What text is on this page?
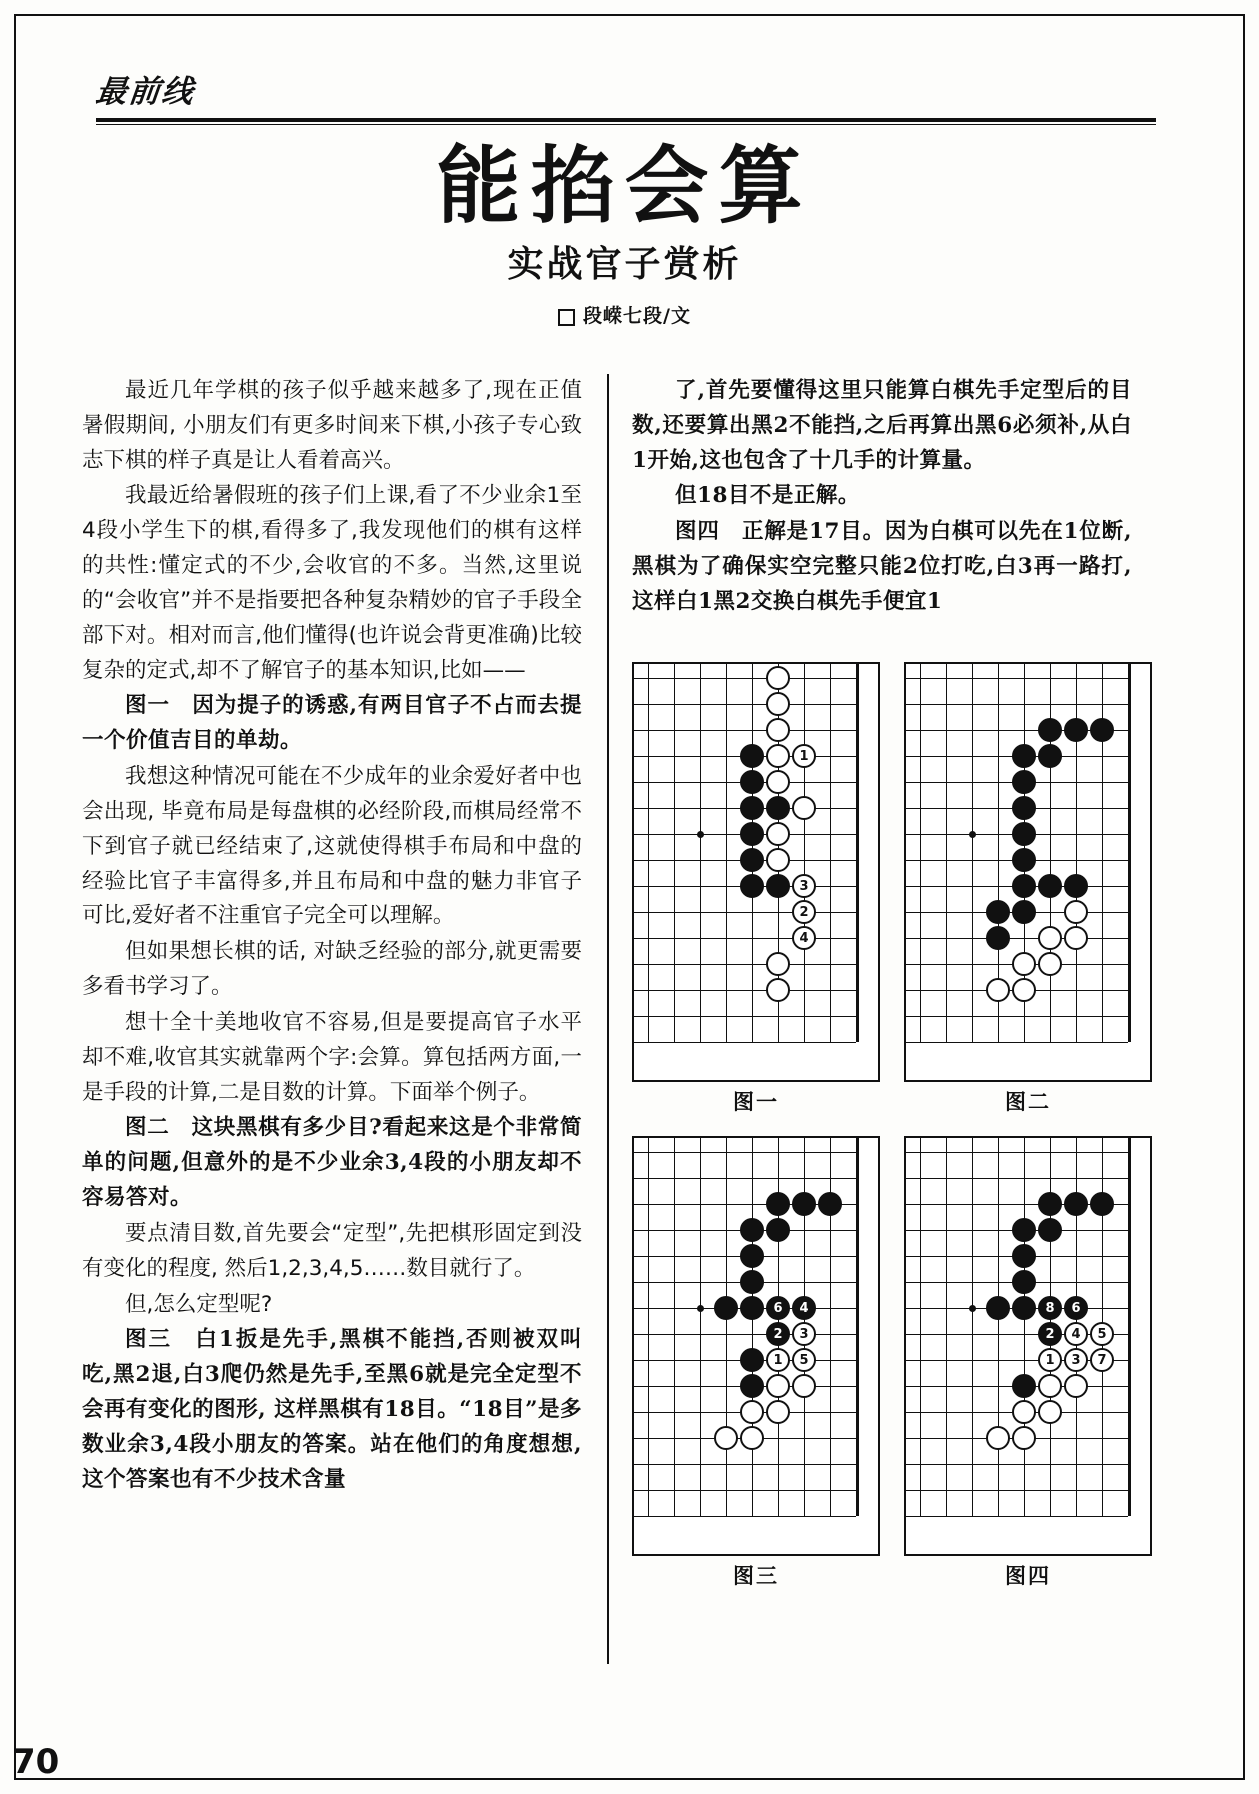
最前线
能掐会算
实战官子赏析
段嵘七段/文

最近几年学棋的孩子似乎越来越多了,现在正值暑假期间, 小朋友们有更多时间来下棋,小孩子专心致志下棋的样子真是让人看着高兴。

我最近给暑假班的孩子们上课,看了不少业余1至4段小学生下的棋,看得多了,我发现他们的棋有这样的共性:懂定式的不少,会收官的不多。当然,这里说的“会收官”并不是指要把各种复杂精妙的官子手段全部下对。相对而言,他们懂得(也许说会背更准确)比较复杂的定式,却不了解官子的基本知识,比如——

图一　因为提子的诱惑,有两目官子不占而去提一个价值吉目的单劫。

我想这种情况可能在不少成年的业余爱好者中也会出现, 毕竟布局是每盘棋的必经阶段,而棋局经常不下到官子就已经结束了,这就使得棋手布局和中盘的经验比官子丰富得多,并且布局和中盘的魅力非官子可比,爱好者不注重官子完全可以理解。

但如果想长棋的话, 对缺乏经验的部分,就更需要多看书学习了。

想十全十美地收官不容易,但是要提高官子水平却不难,收官其实就靠两个字:会算。算包括两方面,一是手段的计算,二是目数的计算。下面举个例子。

图二　这块黑棋有多少目?看起来这是个非常简单的问题,但意外的是不少业余3,4段的小朋友却不容易答对。

要点清目数,首先要会“定型”,先把棋形固定到没有变化的程度, 然后1,2,3,4,5……数目就行了。

但,怎么定型呢?

图三　白1扳是先手,黑棋不能挡,否则被双叫吃,黑2退,白3爬仍然是先手,至黑6就是完全定型不会再有变化的图形, 这样黑棋有18目。“18目”是多数业余3,4段小朋友的答案。站在他们的角度想想,这个答案也有不少技术含量

了,首先要懂得这里只能算白棋先手定型后的目数,还要算出黑2不能挡,之后再算出黑6必须补,从白1开始,这也包含了十几手的计算量。

但18目不是正解。

图四　正解是17目。因为白棋可以先在1位断,黑棋为了确保实空完整只能2位打吃,白3再一路打,这样白1黑2交换白棋先手便宜1

1
3
2
4
图一	图二
6	4
2	3
1	5
图三
8	6
2	4	5
1	3	7
图四
70
